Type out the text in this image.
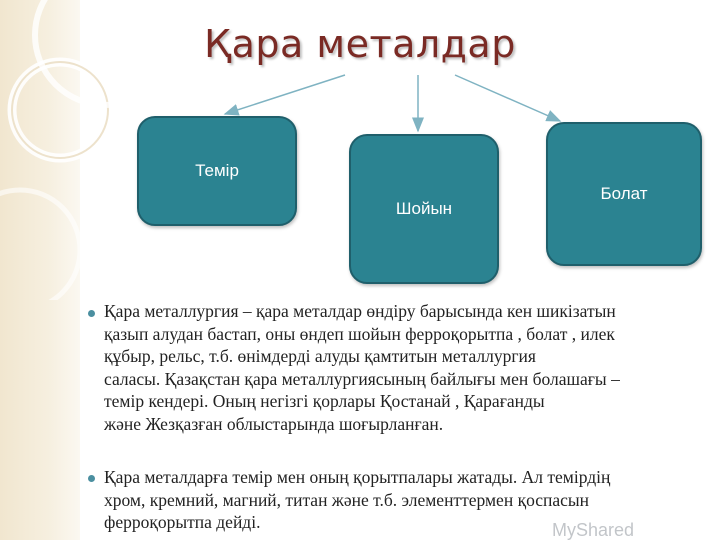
Қара металдар
Темір
Шойын
Болат
Қара металлургия – қара металдар өндіру барысында кен шикізатын
қазып алудан бастап, оны өндеп шойын ферроқорытпа , болат , илек
құбыр, рельс, т.б. өнімдерді алуды қамтитын металлургия
саласы. Қазақстан қара металлургиясының байлығы мен болашағы –
темір кендері. Оның негізгі қорлары Қостанай , Қарағанды
және Жезқазған облыстарында шоғырланған.
Қара металдарға темір мен оның қорытпалары жатады. Ал темірдің
хром, кремний, магний, титан және т.б. элементтермен қоспасын
ферроқорытпа дейді.	MyShared
